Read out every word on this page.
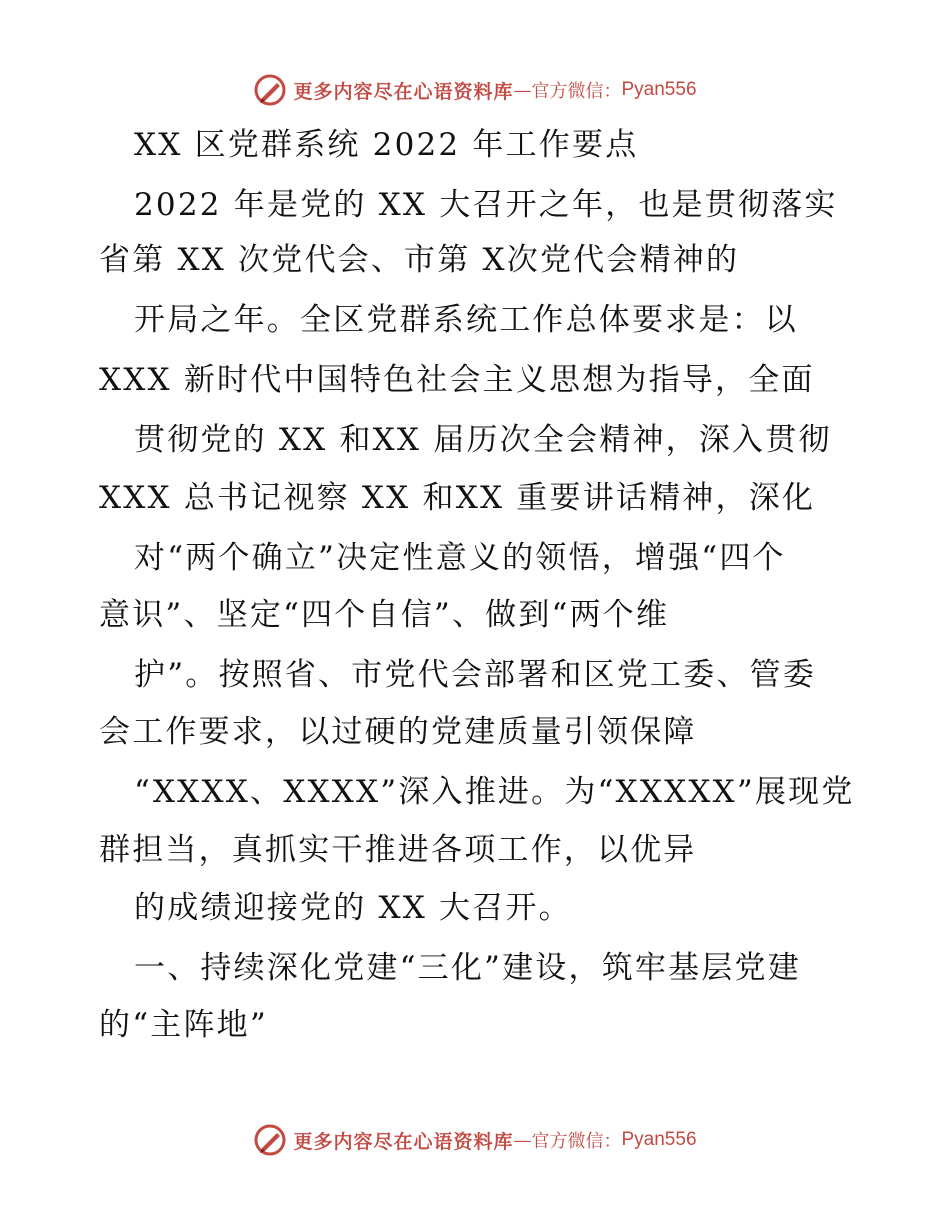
更多内容尽在心语资料库 — 官方微信： Pyan556
XX 区党群系统 2022 年工作要点
2022 年是党的 XX 大召开之年，也是贯彻落实
省第 XX 次党代会、市第 X次党代会精神的
开局之年。全区党群系统工作总体要求是：以
XXX 新时代中国特色社会主义思想为指导，全面
贯彻党的 XX 和XX 届历次全会精神，深入贯彻
XXX 总书记视察 XX 和XX 重要讲话精神，深化
对“两个确立”决定性意义的领悟，增强“四个
意识”、坚定“四个自信”、做到“两个维
护”。按照省、市党代会部署和区党工委、管委
会工作要求，以过硬的党建质量引领保障
“XXXX、XXXX”深入推进。为“XXXXX”展现党
群担当，真抓实干推进各项工作，以优异
的成绩迎接党的 XX 大召开。
一、持续深化党建“三化”建设，筑牢基层党建
的“主阵地”
更多内容尽在心语资料库 — 官方微信： Pyan556
